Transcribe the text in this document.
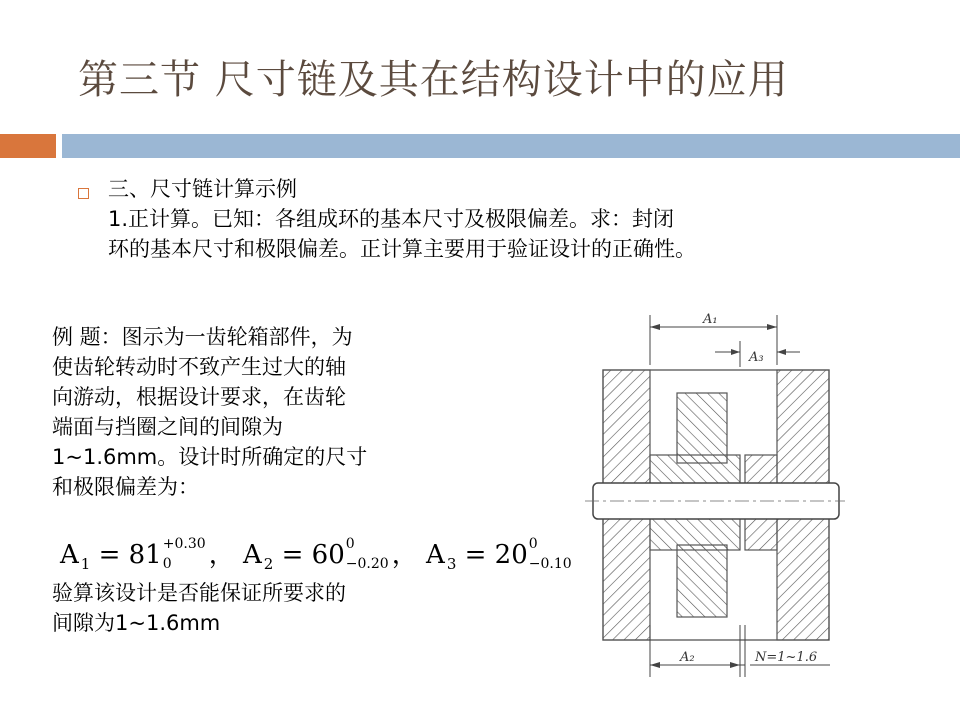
第三节 尺寸链及其在结构设计中的应用
三、尺寸链计算示例
1.正计算。已知：各组成环的基本尺寸及极限偏差。求：封闭
环的基本尺寸和极限偏差。正计算主要用于验证设计的正确性。
例 题：图示为一齿轮箱部件，为
使齿轮转动时不致产生过大的轴
向游动，根据设计要求，在齿轮
端面与挡圈之间的间隙为
1~1.6mm。设计时所确定的尺寸
和极限偏差为：
A $_1$ = 81 +0.30
0 ， A $_2$ = 60 0
−0.20 ， A $_3$ = 20 0
−0.10
验算该设计是否能保证所要求的
间隙为1~1.6mm
A₁
A₃
A₂	N=1~1.6
